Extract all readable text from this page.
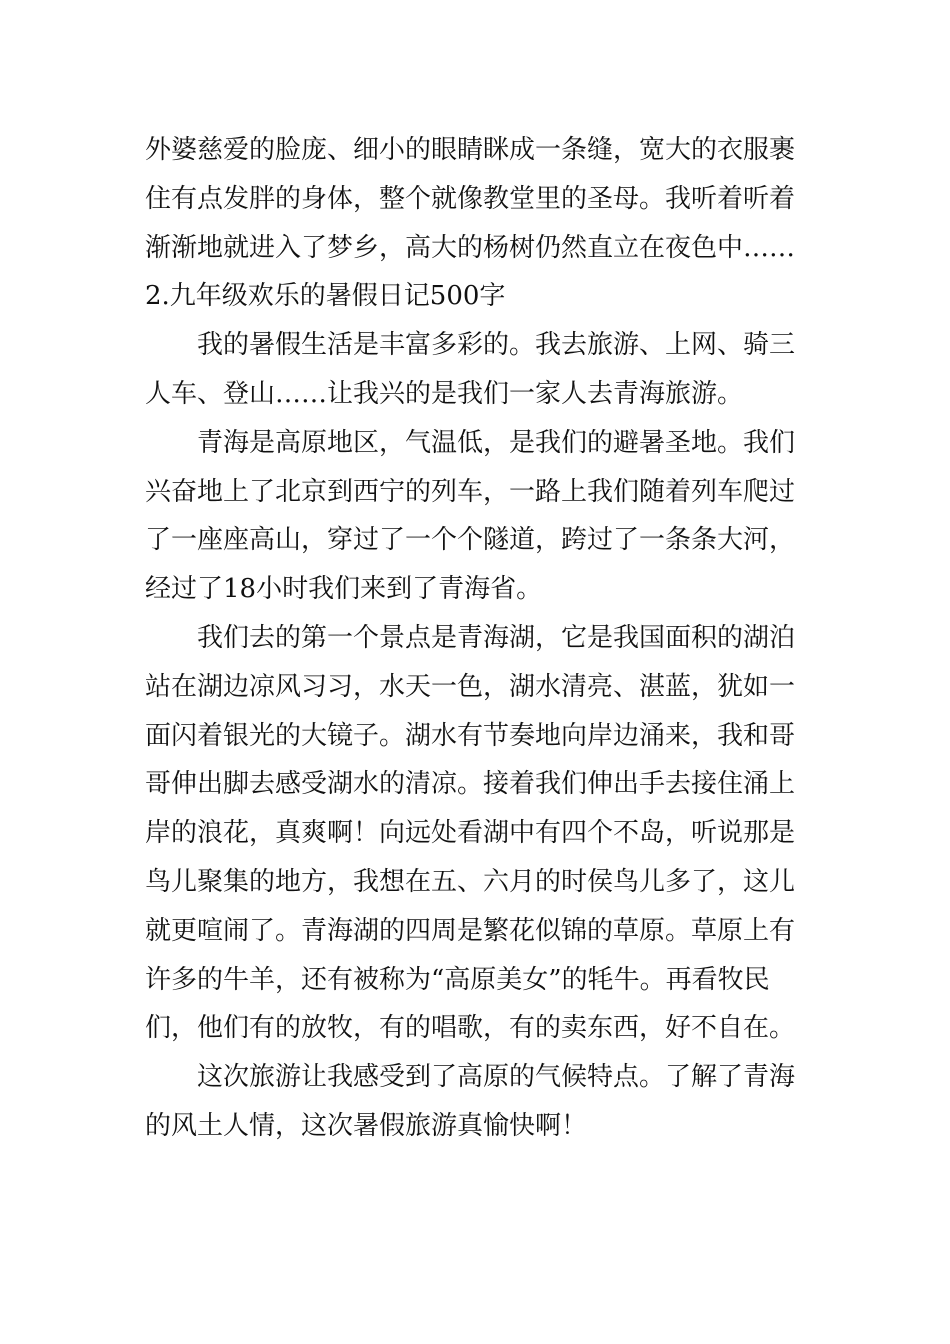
外婆慈爱的脸庞、细小的眼睛眯成一条缝，宽大的衣服裹
住有点发胖的身体，整个就像教堂里的圣母。我听着听着
渐渐地就进入了梦乡，高大的杨树仍然直立在夜色中……
2.九年级欢乐的暑假日记500字
我的暑假生活是丰富多彩的。我去旅游、上网、骑三
人车、登山……让我兴的是我们一家人去青海旅游。
青海是高原地区，气温低，是我们的避暑圣地。我们
兴奋地上了北京到西宁的列车，一路上我们随着列车爬过
了一座座高山，穿过了一个个隧道，跨过了一条条大河，
经过了18小时我们来到了青海省。
我们去的第一个景点是青海湖，它是我国面积的湖泊
站在湖边凉风习习，水天一色，湖水清亮、湛蓝，犹如一
面闪着银光的大镜子。湖水有节奏地向岸边涌来，我和哥
哥伸出脚去感受湖水的清凉。接着我们伸出手去接住涌上
岸的浪花，真爽啊！向远处看湖中有四个不岛，听说那是
鸟儿聚集的地方，我想在五、六月的时侯鸟儿多了，这儿
就更喧闹了。青海湖的四周是繁花似锦的草原。草原上有
许多的牛羊，还有被称为“高原美女”的牦牛。再看牧民
们，他们有的放牧，有的唱歌，有的卖东西，好不自在。
这次旅游让我感受到了高原的气候特点。了解了青海
的风土人情，这次暑假旅游真愉快啊！
